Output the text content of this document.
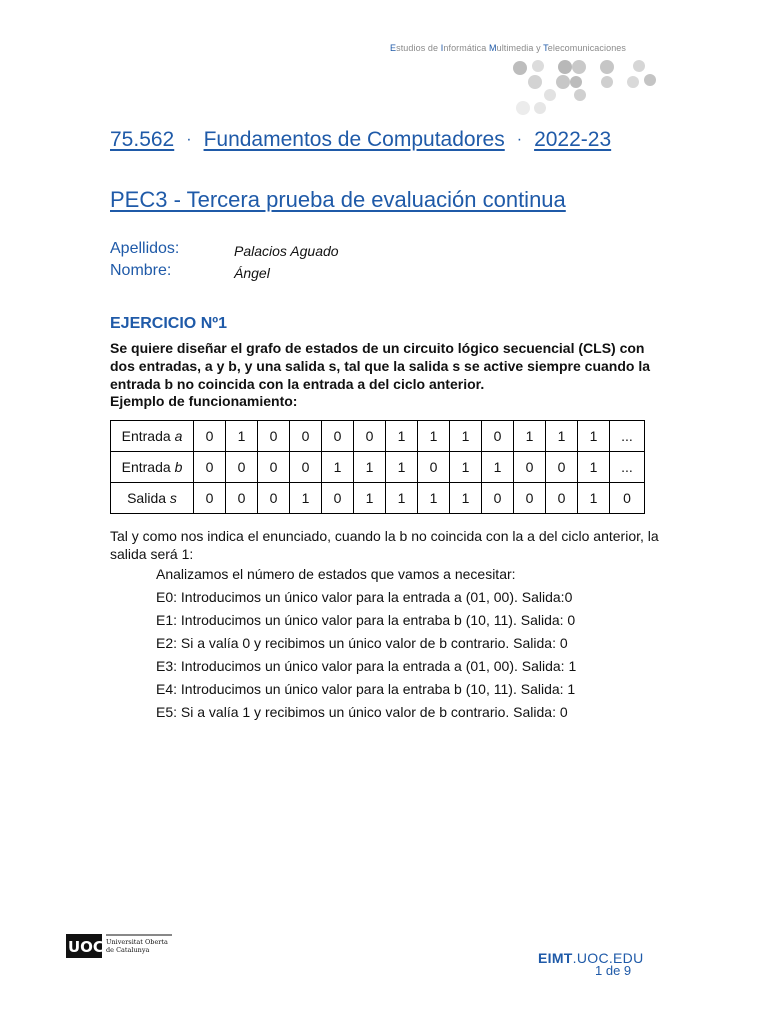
Estudios de Informática Multimedia y Telecomunicaciones
75.562 · Fundamentos de Computadores · 2022-23
PEC3 - Tercera prueba de evaluación continua
Apellidos:	Palacios Aguado
Nombre:	Ángel
EJERCICIO Nº1
Se quiere diseñar el grafo de estados de un circuito lógico secuencial (CLS) con dos entradas, a y b, y una salida s, tal que la salida s se active siempre cuando la entrada b no coincida con la entrada a del ciclo anterior.
Ejemplo de funcionamiento:
Entrada a	0	1	0	0	0	0	1	1	1	0	1	1	1	...
Entrada b	0	0	0	0	1	1	1	0	1	1	0	0	1	...
Salida s	0	0	0	1	0	1	1	1	1	0	0	0	1	0
Tal y como nos indica el enunciado, cuando la b no coincida con la a del ciclo anterior, la salida será 1:
Analizamos el número de estados que vamos a necesitar:
E0: Introducimos un único valor para la entrada a (01, 00). Salida:0
E1: Introducimos un único valor para la entraba b (10, 11). Salida: 0
E2: Si a valía 0 y recibimos un único valor de b contrario. Salida: 0
E3: Introducimos un único valor para la entrada a (01, 00). Salida: 1
E4: Introducimos un único valor para la entraba b (10, 11). Salida: 1
E5: Si a valía 1 y recibimos un único valor de b contrario. Salida: 0
UOC Universitat Oberta
de Catalunya	EIMT.UOC.EDU
1 de 9
